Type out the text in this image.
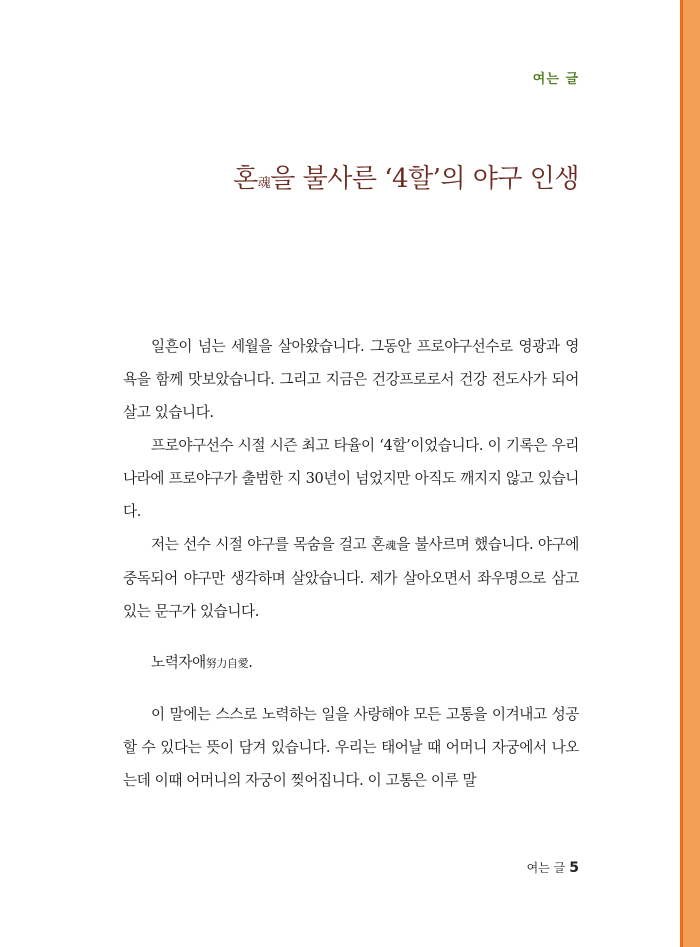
여는 글
혼魂을 불사른 ‘4할’의 야구 인생

일흔이 넘는 세월을 살아왔습니다. 그동안 프로야구선수로 영광과 영욕을 함께 맛보았습니다. 그리고 지금은 건강프로로서 건강 전도사가 되어 살고 있습니다.

프로야구선수 시절 시즌 최고 타율이 ‘4할’이었습니다. 이 기록은 우리나라에 프로야구가 출범한 지 30년이 넘었지만 아직도 깨지지 않고 있습니다.

저는 선수 시절 야구를 목숨을 걸고 혼魂을 불사르며 했습니다. 야구에 중독되어 야구만 생각하며 살았습니다. 제가 살아오면서 좌우명으로 삼고 있는 문구가 있습니다.

노력자애努力自愛.

이 말에는 스스로 노력하는 일을 사랑해야 모든 고통을 이겨내고 성공할 수 있다는 뜻이 담겨 있습니다. 우리는 태어날 때 어머니 자궁에서 나오는데 이때 어머니의 자궁이 찢어집니다. 이 고통은 이루 말

여는 글 5
